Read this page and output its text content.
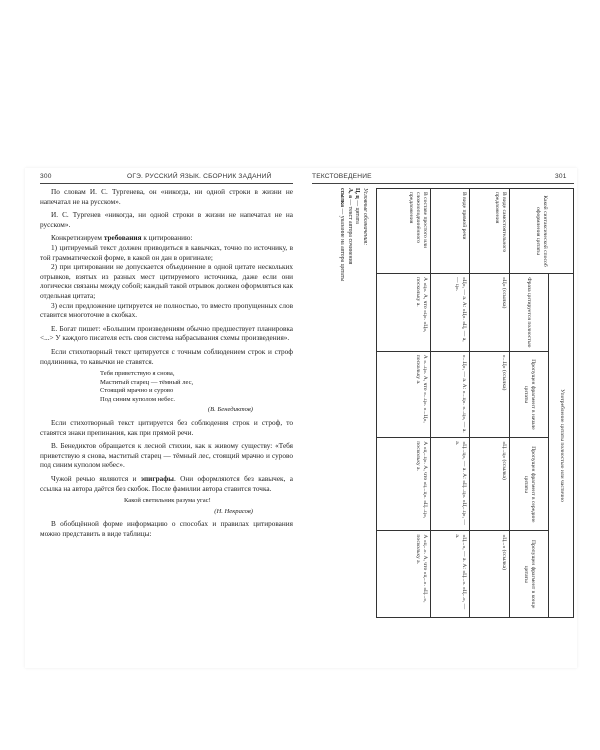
300	ОГЭ. РУССКИЙ ЯЗЫК. СБОРНИК ЗАДАНИЙ	ТЕКСТОВЕДЕНИЕ	301

По словам И. С. Тургенева, он «никогда, ни одной строки в жизни не напечатал не на русском».

И. С. Тургенев «никогда, ни одной строки в жизни не напечатал не на русском».

Конкретизируем требования к цитированию:

1) цитируемый текст должен приводиться в кавычках, точно по источнику, в той грамматической форме, в какой он дан в оригинале;

2) при цитировании не допускается объединение в одной цитате нескольких отрывков, взятых из разных мест цитируемого источника, даже если они логически связаны между собой; каждый такой отрывок должен оформляться как отдельная цитата;

3) если предложение цитируется не полностью, то вместо пропущенных слов ставится многоточие в скобках.

Е. Богат пишет: «Большим произведениям обычно предшествует планировка <...> У каждого писателя есть своя система набрасывания схемы произведения».

Если стихотворный текст цитируется с точным соблюдением строк и строф подлинника, то кавычки не ставятся.

Тебя приветствую я снова,
Маститый старец — тёмный лес,
Стоящий мрачно и сурово
Под синим куполом небес.
(В. Бенедиктов)

Если стихотворный текст цитируется без соблюдения строк и строф, то ставятся знаки препинания, как при прямой речи.

В. Бенедиктов обращается к лесной стихии, как к живому существу: «Тебя приветствую я снова, маститый старец — тёмный лес, стоящий мрачно и сурово под синим куполом небес».

Чужой речью являются и эпиграфы. Они оформляются без кавычек, а ссылка на автора даётся без скобок. После фамилии автора ставится точка.

Какой светильник разума угас!
(Н. Некрасов)

В обобщённой форме информацию о способах и правилах цитирования можно представить в виде таблицы:

Какой синтаксической способ оформления цитаты	Употребление цитаты полностью или частично			
	Фраза цитируется полностью	Пропущен фрагмент в начале цитаты	Пропущен фрагмент в середине цитаты	Пропущен фрагмент в конце цитаты
В виде самостоятельного предложения	«Ц» (ссылка)	«...Ц» (ссылка)	«Ц...ц» (ссылка)	«Ц...» (ссылка)
В виде прямой речи	«Ц», — а. А: «Ц». «Ц, — а, — ц».	«...Ц», — а. А: «...ц». «...ц», — а.	«Ц...ц», — а. А: «Ц...ц». «Ц...ц», — а.	«Ц...», — а. А: «Ц...». «Ц...», — а.
В составе простого или сложноподчинённого предложения	А «ц». А, что «ц». «Ц», поскольку а.	А «...ц». А, что «...ц». «...Ц», поскольку а.	А «ц...ц». А, что «ц...ц». «Ц...ц», поскольку а.	А «ц...». А, что «ц...». «Ц...», поскольку а.
Условные обозначения:
Ц, ц — цитата
А, а — текст автора сочинения
ссылка — указание на автора цитаты
